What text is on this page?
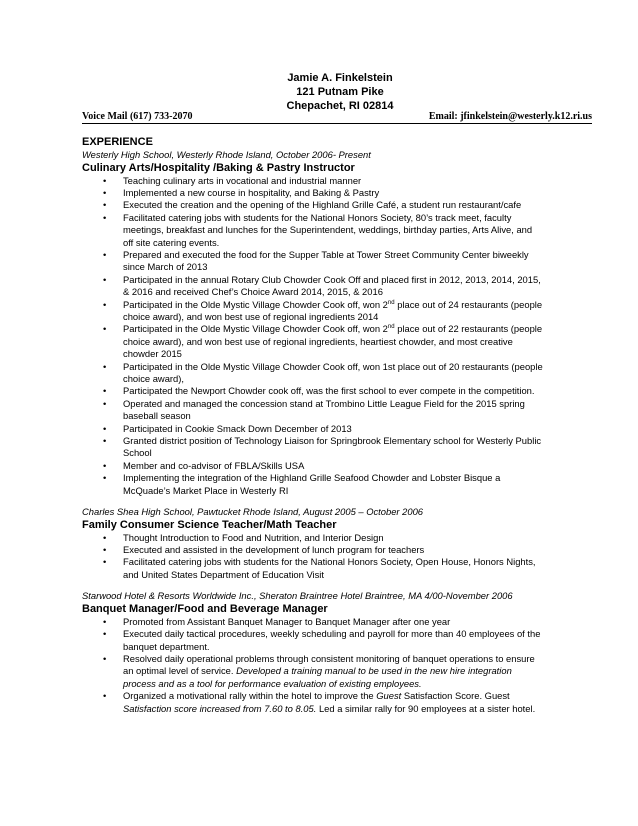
Jamie A. Finkelstein
121 Putnam Pike
Chepachet, RI 02814
Voice Mail (617) 733-2070	Email: jfinkelstein@westerly.k12.ri.us
EXPERIENCE
Westerly High School, Westerly Rhode Island, October 2006- Present
Culinary Arts/Hospitality /Baking & Pastry Instructor
• Teaching culinary arts in vocational and industrial manner
• Implemented a new course in hospitality, and Baking & Pastry
• Executed the creation and the opening of the Highland Grille Café, a student run restaurant/cafe
• Facilitated catering jobs with students for the National Honors Society, 80’s track meet, faculty
meetings, breakfast and lunches for the Superintendent, weddings, birthday parties, Arts Alive, and
off site catering events.
• Prepared and executed the food for the Supper Table at Tower Street Community Center biweekly
since March of 2013
• Participated in the annual Rotary Club Chowder Cook Off and placed first in 2012, 2013, 2014, 2015,
& 2016 and received Chef’s Choice Award 2014, 2015, & 2016
• Participated in the Olde Mystic Village Chowder Cook off, won 2nd place out of 24 restaurants (people
choice award), and won best use of regional ingredients 2014
• Participated in the Olde Mystic Village Chowder Cook off, won 2nd place out of 22 restaurants (people
choice award), and won best use of regional ingredients, heartiest chowder, and most creative
chowder 2015
• Participated in the Olde Mystic Village Chowder Cook off, won 1st place out of 20 restaurants (people
choice award),
• Participated the Newport Chowder cook off, was the first school to ever compete in the competition.
• Operated and managed the concession stand at Trombino Little League Field for the 2015 spring
baseball season
• Participated in Cookie Smack Down December of 2013
• Granted district position of Technology Liaison for Springbrook Elementary school for Westerly Public
School
• Member and co-advisor of FBLA/Skills USA
• Implementing the integration of the Highland Grille Seafood Chowder and Lobster Bisque a
McQuade’s Market Place in Westerly RI
Charles Shea High School, Pawtucket Rhode Island, August 2005 – October 2006
Family Consumer Science Teacher/Math Teacher
• Thought Introduction to Food and Nutrition, and Interior Design
• Executed and assisted in the development of lunch program for teachers
• Facilitated catering jobs with students for the National Honors Society, Open House, Honors Nights,
and United States Department of Education Visit
Starwood Hotel & Resorts Worldwide Inc., Sheraton Braintree Hotel Braintree, MA 4/00-November 2006
Banquet Manager/Food and Beverage Manager
• Promoted from Assistant Banquet Manager to Banquet Manager after one year
• Executed daily tactical procedures, weekly scheduling and payroll for more than 40 employees of the
banquet department.
• Resolved daily operational problems through consistent monitoring of banquet operations to ensure
an optimal level of service. Developed a training manual to be used in the new hire integration
process and as a tool for performance evaluation of existing employees.
• Organized a motivational rally within the hotel to improve the Guest Satisfaction Score. Guest
Satisfaction score increased from 7.60 to 8.05. Led a similar rally for 90 employees at a sister hotel.
